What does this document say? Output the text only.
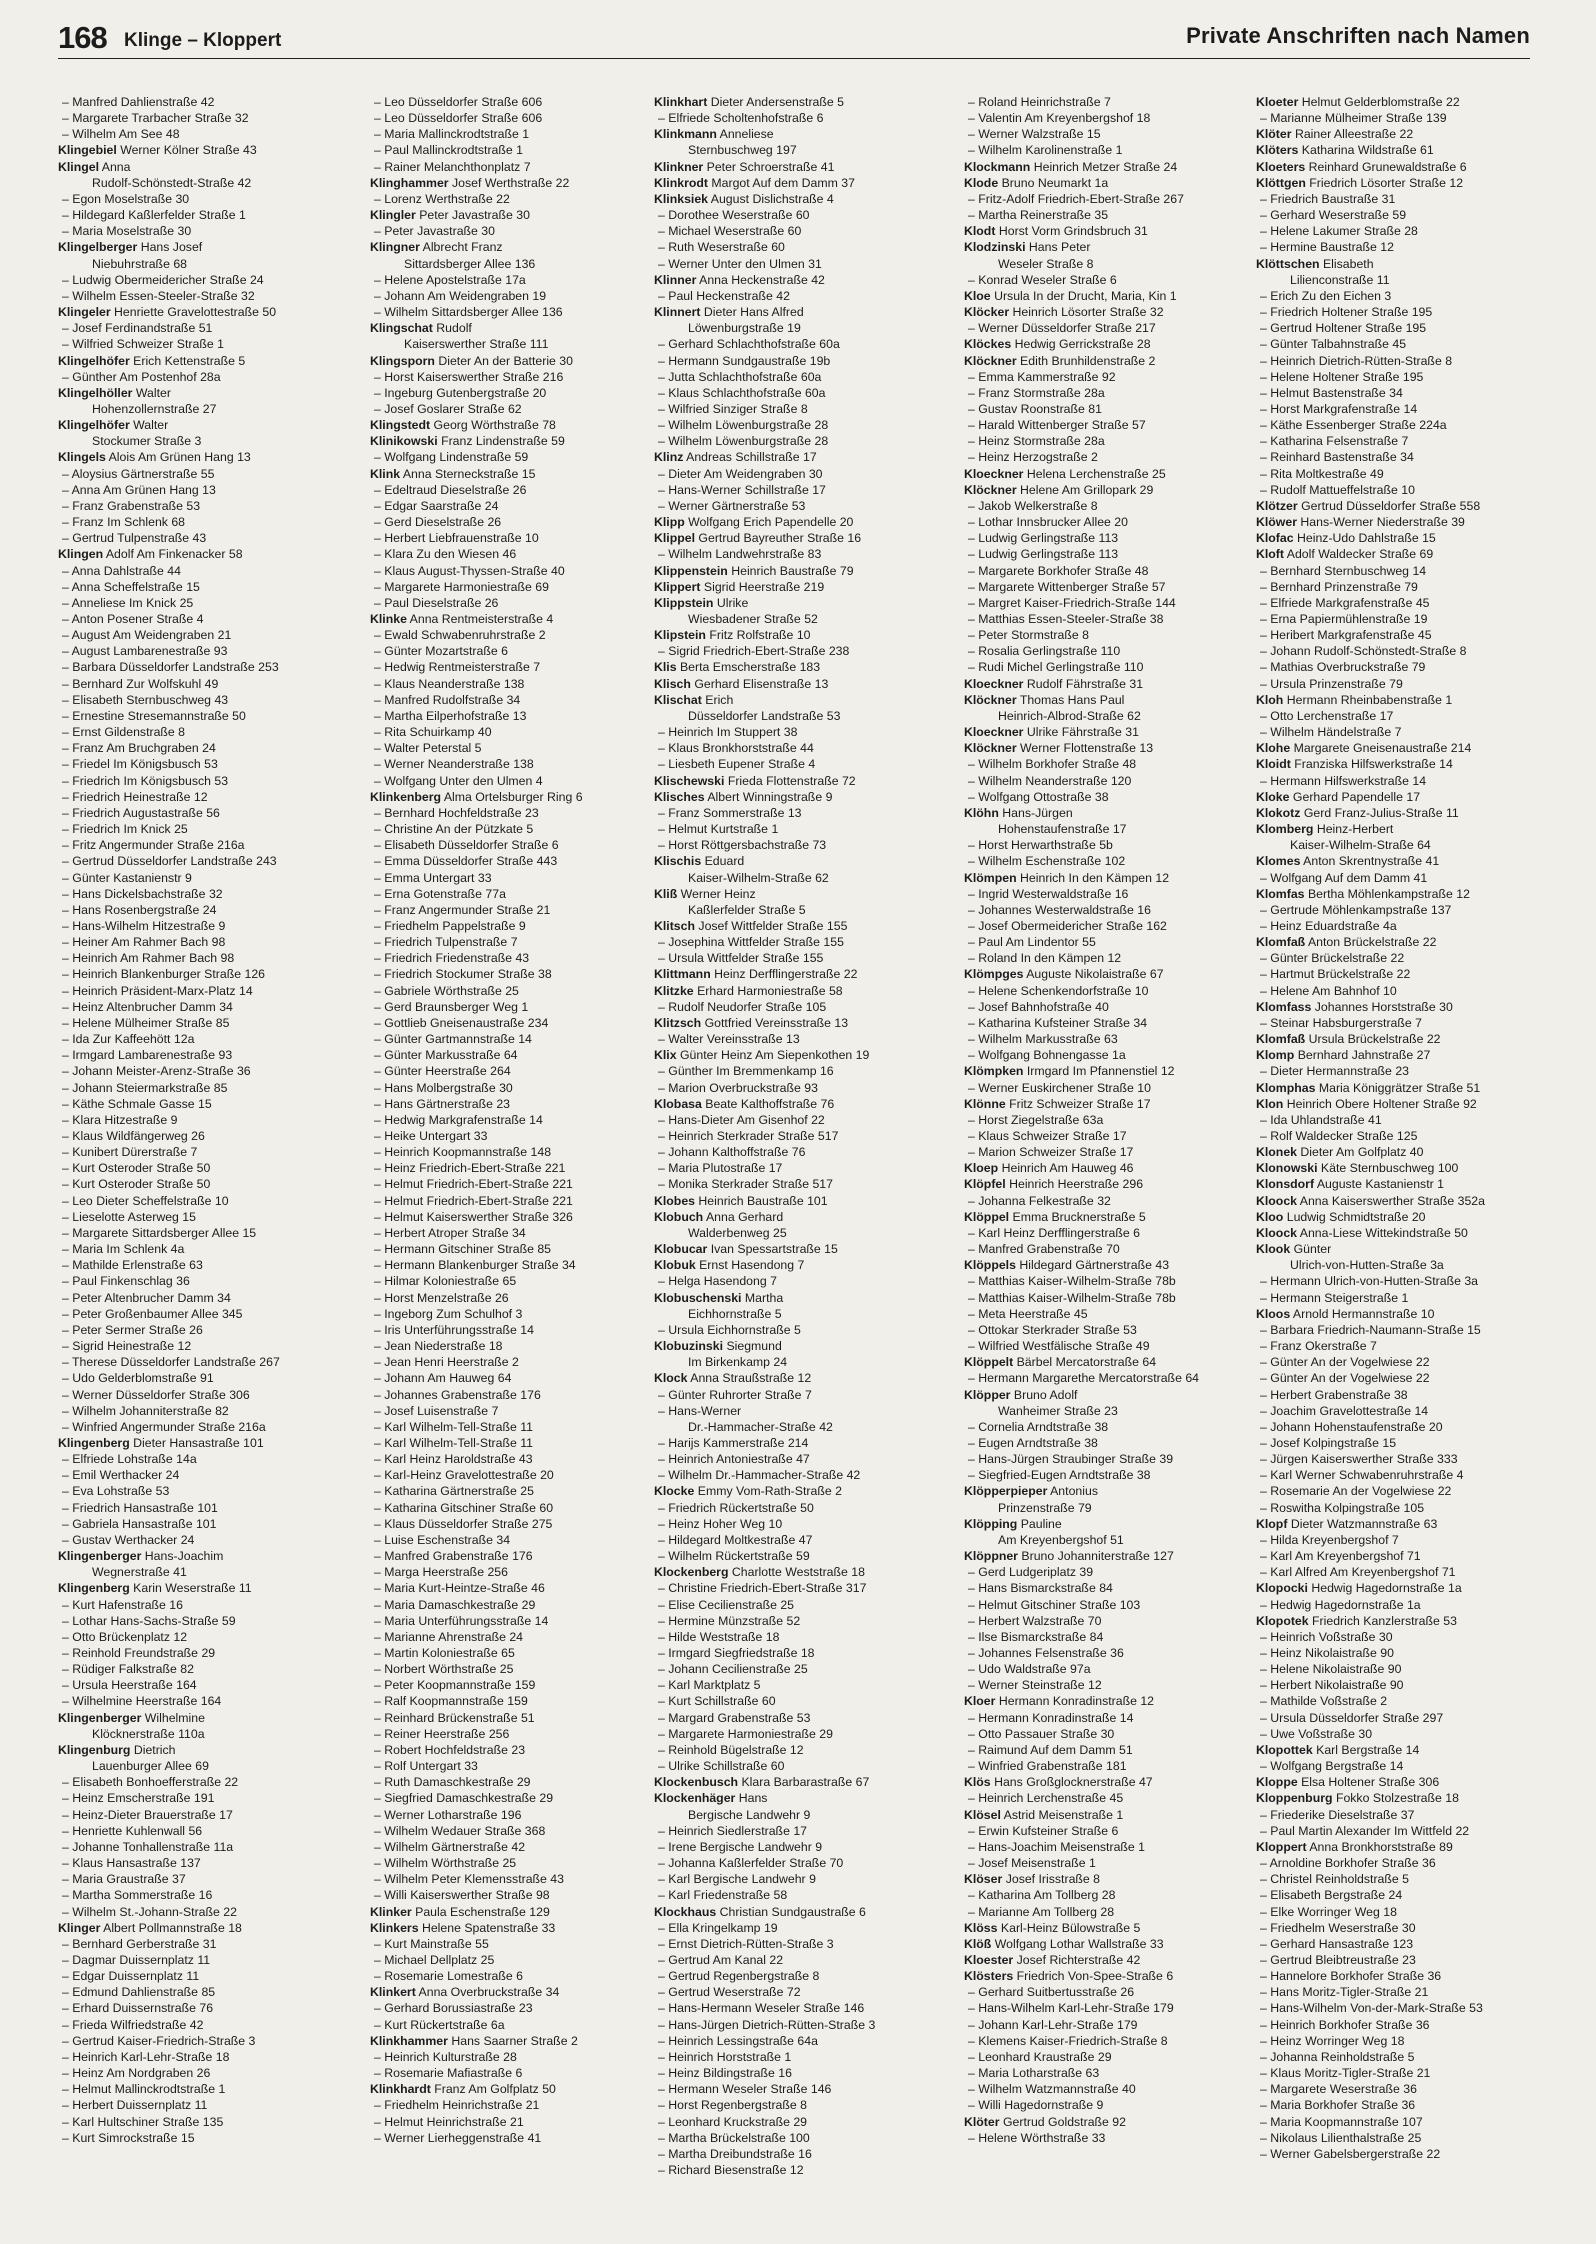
168 Klinge – Kloppert	Private Anschriften nach Namen
– Manfred Dahlienstraße 42
– Margarete Trarbacher Straße 32
– Wilhelm Am See 48
Klingebiel Werner Kölner Straße 43
Klingel Anna
Rudolf-Schönstedt-Straße 42
– Egon Moselstraße 30
– Hildegard Kaßlerfelder Straße 1
– Maria Moselstraße 30
Klingelberger Hans Josef
Niebuhrstraße 68
– Ludwig Obermeidericher Straße 24
– Wilhelm Essen-Steeler-Straße 32
Klingeler Henriette Gravelottestraße 50
– Josef Ferdinandstraße 51
– Wilfried Schweizer Straße 1
Klingelhöfer Erich Kettenstraße 5
– Günther Am Postenhof 28a
Klingelhöller Walter
Hohenzollernstraße 27
Klingelhöfer Walter
Stockumer Straße 3
Klingels Alois Am Grünen Hang 13
– Aloysius Gärtnerstraße 55
– Anna Am Grünen Hang 13
– Franz Grabenstraße 53
– Franz Im Schlenk 68
– Gertrud Tulpenstraße 43
Klingen Adolf Am Finkenacker 58
– Anna Dahlstraße 44
– Anna Scheffelstraße 15
– Anneliese Im Knick 25
– Anton Posener Straße 4
– August Am Weidengraben 21
– August Lambarenestraße 93
– Barbara Düsseldorfer Landstraße 253
– Bernhard Zur Wolfskuhl 49
– Elisabeth Sternbuschweg 43
– Ernestine Stresemannstraße 50
– Ernst Gildenstraße 8
– Franz Am Bruchgraben 24
– Friedel Im Königsbusch 53
– Friedrich Im Königsbusch 53
– Friedrich Heinestraße 12
– Friedrich Augustastraße 56
– Friedrich Im Knick 25
– Fritz Angermunder Straße 216a
– Gertrud Düsseldorfer Landstraße 243
– Günter Kastanienstr 9
– Hans Dickelsbachstraße 32
– Hans Rosenbergstraße 24
– Hans-Wilhelm Hitzestraße 9
– Heiner Am Rahmer Bach 98
– Heinrich Am Rahmer Bach 98
– Heinrich Blankenburger Straße 126
– Heinrich Präsident-Marx-Platz 14
– Heinz Altenbrucher Damm 34
– Helene Mülheimer Straße 85
– Ida Zur Kaffeehött 12a
– Irmgard Lambarenestraße 93
– Johann Meister-Arenz-Straße 36
– Johann Steiermarkstraße 85
– Käthe Schmale Gasse 15
– Klara Hitzestraße 9
– Klaus Wildfängerweg 26
– Kunibert Dürerstraße 7
– Kurt Osteroder Straße 50
– Kurt Osteroder Straße 50
– Leo Dieter Scheffelstraße 10
– Lieselotte Asterweg 15
– Margarete Sittardsberger Allee 15
– Maria Im Schlenk 4a
– Mathilde Erlenstraße 63
– Paul Finkenschlag 36
– Peter Altenbrucher Damm 34
– Peter Großenbaumer Allee 345
– Peter Sermer Straße 26
– Sigrid Heinestraße 12
– Therese Düsseldorfer Landstraße 267
– Udo Gelderblomstraße 91
– Werner Düsseldorfer Straße 306
– Wilhelm Johanniterstraße 82
– Winfried Angermunder Straße 216a
Klingenberg Dieter Hansastraße 101
– Elfriede Lohstraße 14a
– Emil Werthacker 24
– Eva Lohstraße 53
– Friedrich Hansastraße 101
– Gabriela Hansastraße 101
– Gustav Werthacker 24
Klingenberger Hans-Joachim
Wegnerstraße 41
Klingenberg Karin Weserstraße 11
– Kurt Hafenstraße 16
– Lothar Hans-Sachs-Straße 59
– Otto Brückenplatz 12
– Reinhold Freundstraße 29
– Rüdiger Falkstraße 82
– Ursula Heerstraße 164
– Wilhelmine Heerstraße 164
Klingenberger Wilhelmine
Klöcknerstraße 110a
Klingenburg Dietrich
Lauenburger Allee 69
– Elisabeth Bonhoefferstraße 22
– Heinz Emscherstraße 191
– Heinz-Dieter Brauerstraße 17
– Henriette Kuhlenwall 56
– Johanne Tonhallenstraße 11a
– Klaus Hansastraße 137
– Maria Graustraße 37
– Martha Sommerstraße 16
– Wilhelm St.-Johann-Straße 22
Klinger Albert Pollmannstraße 18
– Bernhard Gerberstraße 31
– Dagmar Duissernplatz 11
– Edgar Duissernplatz 11
– Edmund Dahlienstraße 85
– Erhard Duissernstraße 76
– Frieda Wilfriedstraße 42
– Gertrud Kaiser-Friedrich-Straße 3
– Heinrich Karl-Lehr-Straße 18
– Heinz Am Nordgraben 26
– Helmut Mallinckrodtstraße 1
– Herbert Duissernplatz 11
– Karl Hultschiner Straße 135
– Kurt Simrockstraße 15
– Leo Düsseldorfer Straße 606
– Leo Düsseldorfer Straße 606
– Maria Mallinckrodtstraße 1
– Paul Mallinckrodtstraße 1
– Rainer Melanchthonplatz 7
Klinghammer Josef Werthstraße 22
– Lorenz Werthstraße 22
Klingler Peter Javastraße 30
– Peter Javastraße 30
Klingner Albrecht Franz
Sittardsberger Allee 136
– Helene Apostelstraße 17a
– Johann Am Weidengraben 19
– Wilhelm Sittardsberger Allee 136
Klingschat Rudolf
Kaiserswerther Straße 111
Klingsporn Dieter An der Batterie 30
– Horst Kaiserswerther Straße 216
– Ingeburg Gutenbergstraße 20
– Josef Goslarer Straße 62
Klingstedt Georg Wörthstraße 78
Klinikowski Franz Lindenstraße 59
– Wolfgang Lindenstraße 59
Klink Anna Sterneckstraße 15
– Edeltraud Dieselstraße 26
– Edgar Saarstraße 24
– Gerd Dieselstraße 26
– Herbert Liebfrauenstraße 10
– Klara Zu den Wiesen 46
– Klaus August-Thyssen-Straße 40
– Margarete Harmoniestraße 69
– Paul Dieselstraße 26
Klinke Anna Rentmeisterstraße 4
– Ewald Schwabenruhrstraße 2
– Günter Mozartstraße 6
– Hedwig Rentmeisterstraße 7
– Klaus Neanderstraße 138
– Manfred Rudolfstraße 34
– Martha Eilperhofstraße 13
– Rita Schuirkamp 40
– Walter Peterstal 5
– Werner Neanderstraße 138
– Wolfgang Unter den Ulmen 4
Klinkenberg Alma Ortelsburger Ring 6
– Bernhard Hochfeldstraße 23
– Christine An der Pützkate 5
– Elisabeth Düsseldorfer Straße 6
– Emma Düsseldorfer Straße 443
– Emma Untergart 33
– Erna Gotenstraße 77a
– Franz Angermunder Straße 21
– Friedhelm Pappelstraße 9
– Friedrich Tulpenstraße 7
– Friedrich Friedenstraße 43
– Friedrich Stockumer Straße 38
– Gabriele Wörthstraße 25
– Gerd Braunsberger Weg 1
– Gottlieb Gneisenaustraße 234
– Günter Gartmannstraße 14
– Günter Markusstraße 64
– Günter Heerstraße 264
– Hans Molbergstraße 30
– Hans Gärtnerstraße 23
– Hedwig Markgrafenstraße 14
– Heike Untergart 33
– Heinrich Koopmannstraße 148
– Heinz Friedrich-Ebert-Straße 221
– Helmut Friedrich-Ebert-Straße 221
– Helmut Friedrich-Ebert-Straße 221
– Helmut Kaiserswerther Straße 326
– Herbert Atroper Straße 34
– Hermann Gitschiner Straße 85
– Hermann Blankenburger Straße 34
– Hilmar Koloniestraße 65
– Horst Menzelstraße 26
– Ingeborg Zum Schulhof 3
– Iris Unterführungsstraße 14
– Jean Niederstraße 18
– Jean Henri Heerstraße 2
– Johann Am Hauweg 64
– Johannes Grabenstraße 176
– Josef Luisenstraße 7
– Karl Wilhelm-Tell-Straße 11
– Karl Wilhelm-Tell-Straße 11
– Karl Heinz Haroldstraße 43
– Karl-Heinz Gravelottestraße 20
– Katharina Gärtnerstraße 25
– Katharina Gitschiner Straße 60
– Klaus Düsseldorfer Straße 275
– Luise Eschenstraße 34
– Manfred Grabenstraße 176
– Marga Heerstraße 256
– Maria Kurt-Heintze-Straße 46
– Maria Damaschkestraße 29
– Maria Unterführungsstraße 14
– Marianne Ahrenstraße 24
– Martin Koloniestraße 65
– Norbert Wörthstraße 25
– Peter Koopmannstraße 159
– Ralf Koopmannstraße 159
– Reinhard Brückenstraße 51
– Reiner Heerstraße 256
– Robert Hochfeldstraße 23
– Rolf Untergart 33
– Ruth Damaschkestraße 29
– Siegfried Damaschkestraße 29
– Werner Lotharstraße 196
– Wilhelm Wedauer Straße 368
– Wilhelm Gärtnerstraße 42
– Wilhelm Wörthstraße 25
– Wilhelm Peter Klemensstraße 43
– Willi Kaiserswerther Straße 98
Klinker Paula Eschenstraße 129
Klinkers Helene Spatenstraße 33
– Kurt Mainstraße 55
– Michael Dellplatz 25
– Rosemarie Lomestraße 6
Klinkert Anna Overbruckstraße 34
– Gerhard Borussiastraße 23
– Kurt Rückertstraße 6a
Klinkhammer Hans Saarner Straße 2
– Heinrich Kulturstraße 28
– Rosemarie Mafiastraße 6
Klinkhardt Franz Am Golfplatz 50
– Friedhelm Heinrichstraße 21
– Helmut Heinrichstraße 21
– Werner Lierheggenstraße 41
Klinkhart Dieter Andersenstraße 5
– Elfriede Scholtenhofstraße 6
Klinkmann Anneliese
Sternbuschweg 197
Klinkner Peter Schroerstraße 41
Klinkrodt Margot Auf dem Damm 37
Klinksiek August Dislichstraße 4
– Dorothee Weserstraße 60
– Michael Weserstraße 60
– Ruth Weserstraße 60
– Werner Unter den Ulmen 31
Klinner Anna Heckenstraße 42
– Paul Heckenstraße 42
Klinnert Dieter Hans Alfred
Löwenburgstraße 19
– Gerhard Schlachthofstraße 60a
– Hermann Sundgaustraße 19b
– Jutta Schlachthofstraße 60a
– Klaus Schlachthofstraße 60a
– Wilfried Sinziger Straße 8
– Wilhelm Löwenburgstraße 28
– Wilhelm Löwenburgstraße 28
Klinz Andreas Schillstraße 17
– Dieter Am Weidengraben 30
– Hans-Werner Schillstraße 17
– Werner Gärtnerstraße 53
Klipp Wolfgang Erich Papendelle 20
Klippel Gertrud Bayreuther Straße 16
– Wilhelm Landwehrstraße 83
Klippenstein Heinrich Baustraße 79
Klippert Sigrid Heerstraße 219
Klippstein Ulrike
Wiesbadener Straße 52
Klipstein Fritz Rolfstraße 10
– Sigrid Friedrich-Ebert-Straße 238
Klis Berta Emscherstraße 183
Klisch Gerhard Elisenstraße 13
Klischat Erich
Düsseldorfer Landstraße 53
– Heinrich Im Stuppert 38
– Klaus Bronkhorststraße 44
– Liesbeth Eupener Straße 4
Klischewski Frieda Flottenstraße 72
Klisches Albert Winningstraße 9
– Franz Sommerstraße 13
– Helmut Kurtstraße 1
– Horst Röttgersbachstraße 73
Klischis Eduard
Kaiser-Wilhelm-Straße 62
Kliß Werner Heinz
Kaßlerfelder Straße 5
Klitsch Josef Wittfelder Straße 155
– Josephina Wittfelder Straße 155
– Ursula Wittfelder Straße 155
Klittmann Heinz Derfflingerstraße 22
Klitzke Erhard Harmoniestraße 58
– Rudolf Neudorfer Straße 105
Klitzsch Gottfried Vereinsstraße 13
– Walter Vereinsstraße 13
Klix Günter Heinz Am Siepenkothen 19
– Günther Im Bremmenkamp 16
– Marion Overbruckstraße 93
Klobasa Beate Kalthoffstraße 76
– Hans-Dieter Am Gisenhof 22
– Heinrich Sterkrader Straße 517
– Johann Kalthoffstraße 76
– Maria Plutostraße 17
– Monika Sterkrader Straße 517
Klobes Heinrich Baustraße 101
Klobuch Anna Gerhard
Walderbenweg 25
Klobucar Ivan Spessartstraße 15
Klobuk Ernst Hasendong 7
– Helga Hasendong 7
Klobuschenski Martha
Eichhornstraße 5
– Ursula Eichhornstraße 5
Klobuzinski Siegmund
Im Birkenkamp 24
Klock Anna Straußstraße 12
– Günter Ruhrorter Straße 7
– Hans-Werner
Dr.-Hammacher-Straße 42
– Harijs Kammerstraße 214
– Heinrich Antoniestraße 47
– Wilhelm Dr.-Hammacher-Straße 42
Klocke Emmy Vom-Rath-Straße 2
– Friedrich Rückertstraße 50
– Heinz Hoher Weg 10
– Hildegard Moltkestraße 47
– Wilhelm Rückertstraße 59
Klockenberg Charlotte Weststraße 18
– Christine Friedrich-Ebert-Straße 317
– Elise Cecilienstraße 25
– Hermine Münzstraße 52
– Hilde Weststraße 18
– Irmgard Siegfriedstraße 18
– Johann Cecilienstraße 25
– Karl Marktplatz 5
– Kurt Schillstraße 60
– Margard Grabenstraße 53
– Margarete Harmoniestraße 29
– Reinhold Bügelstraße 12
– Ulrike Schillstraße 60
Klockenbusch Klara Barbarastraße 67
Klockenhäger Hans
Bergische Landwehr 9
– Heinrich Siedlerstraße 17
– Irene Bergische Landwehr 9
– Johanna Kaßlerfelder Straße 70
– Karl Bergische Landwehr 9
– Karl Friedenstraße 58
Klockhaus Christian Sundgaustraße 6
– Ella Kringelkamp 19
– Ernst Dietrich-Rütten-Straße 3
– Gertrud Am Kanal 22
– Gertrud Regenbergstraße 8
– Gertrud Weserstraße 72
– Hans-Hermann Weseler Straße 146
– Hans-Jürgen Dietrich-Rütten-Straße 3
– Heinrich Lessingstraße 64a
– Heinrich Horststraße 1
– Heinz Bildingstraße 16
– Hermann Weseler Straße 146
– Horst Regenbergstraße 8
– Leonhard Kruckstraße 29
– Martha Brückelstraße 100
– Martha Dreibundstraße 16
– Richard Biesenstraße 12
– Roland Heinrichstraße 7
– Valentin Am Kreyenbergshof 18
– Werner Walzstraße 15
– Wilhelm Karolinenstraße 1
Klockmann Heinrich Metzer Straße 24
Klode Bruno Neumarkt 1a
– Fritz-Adolf Friedrich-Ebert-Straße 267
– Martha Reinerstraße 35
Klodt Horst Vorm Grindsbruch 31
Klodzinski Hans Peter
Weseler Straße 8
– Konrad Weseler Straße 6
Kloe Ursula In der Drucht, Maria, Kin 1
Klöcker Heinrich Lösorter Straße 32
– Werner Düsseldorfer Straße 217
Klöckes Hedwig Gerrickstraße 28
Klöckner Edith Brunhildenstraße 2
– Emma Kammerstraße 92
– Franz Stormstraße 28a
– Gustav Roonstraße 81
– Harald Wittenberger Straße 57
– Heinz Stormstraße 28a
– Heinz Herzogstraße 2
Kloeckner Helena Lerchenstraße 25
Klöckner Helene Am Grillopark 29
– Jakob Welkerstraße 8
– Lothar Innsbrucker Allee 20
– Ludwig Gerlingstraße 113
– Ludwig Gerlingstraße 113
– Margarete Borkhofer Straße 48
– Margarete Wittenberger Straße 57
– Margret Kaiser-Friedrich-Straße 144
– Matthias Essen-Steeler-Straße 38
– Peter Stormstraße 8
– Rosalia Gerlingstraße 110
– Rudi Michel Gerlingstraße 110
Kloeckner Rudolf Fährstraße 31
Klöckner Thomas Hans Paul
Heinrich-Albrod-Straße 62
Kloeckner Ulrike Fährstraße 31
Klöckner Werner Flottenstraße 13
– Wilhelm Borkhofer Straße 48
– Wilhelm Neanderstraße 120
– Wolfgang Ottostraße 38
Klöhn Hans-Jürgen
Hohenstaufenstraße 17
– Horst Herwarthstraße 5b
– Wilhelm Eschenstraße 102
Klömpen Heinrich In den Kämpen 12
– Ingrid Westerwaldstraße 16
– Johannes Westerwaldstraße 16
– Josef Obermeidericher Straße 162
– Paul Am Lindentor 55
– Roland In den Kämpen 12
Klömpges Auguste Nikolaistraße 67
– Helene Schenkendorfstraße 10
– Josef Bahnhofstraße 40
– Katharina Kufsteiner Straße 34
– Wilhelm Markusstraße 63
– Wolfgang Bohnengasse 1a
Klömpken Irmgard Im Pfannenstiel 12
– Werner Euskirchener Straße 10
Klönne Fritz Schweizer Straße 17
– Horst Ziegelstraße 63a
– Klaus Schweizer Straße 17
– Marion Schweizer Straße 17
Kloep Heinrich Am Hauweg 46
Klöpfel Heinrich Heerstraße 296
– Johanna Felkestraße 32
Klöppel Emma Brucknerstraße 5
– Karl Heinz Derfflingerstraße 6
– Manfred Grabenstraße 70
Klöppels Hildegard Gärtnerstraße 43
– Matthias Kaiser-Wilhelm-Straße 78b
– Matthias Kaiser-Wilhelm-Straße 78b
– Meta Heerstraße 45
– Ottokar Sterkrader Straße 53
– Wilfried Westfälische Straße 49
Klöppelt Bärbel Mercatorstraße 64
– Hermann Margarethe Mercatorstraße 64
Klöpper Bruno Adolf
Wanheimer Straße 23
– Cornelia Arndtstraße 38
– Eugen Arndtstraße 38
– Hans-Jürgen Straubinger Straße 39
– Siegfried-Eugen Arndtstraße 38
Klöpperpieper Antonius
Prinzenstraße 79
Klöpping Pauline
Am Kreyenbergshof 51
Klöppner Bruno Johanniterstraße 127
– Gerd Ludgeriplatz 39
– Hans Bismarckstraße 84
– Helmut Gitschiner Straße 103
– Herbert Walzstraße 70
– Ilse Bismarckstraße 84
– Johannes Felsenstraße 36
– Udo Waldstraße 97a
– Werner Steinstraße 12
Kloer Hermann Konradinstraße 12
– Hermann Konradinstraße 14
– Otto Passauer Straße 30
– Raimund Auf dem Damm 51
– Winfried Grabenstraße 181
Klös Hans Großglocknerstraße 47
– Heinrich Lerchenstraße 45
Klösel Astrid Meisenstraße 1
– Erwin Kufsteiner Straße 6
– Hans-Joachim Meisenstraße 1
– Josef Meisenstraße 1
Klöser Josef Irisstraße 8
– Katharina Am Tollberg 28
– Marianne Am Tollberg 28
Klöss Karl-Heinz Bülowstraße 5
Klöß Wolfgang Lothar Wallstraße 33
Kloester Josef Richterstraße 42
Klösters Friedrich Von-Spee-Straße 6
– Gerhard Suitbertusstraße 26
– Hans-Wilhelm Karl-Lehr-Straße 179
– Johann Karl-Lehr-Straße 179
– Klemens Kaiser-Friedrich-Straße 8
– Leonhard Kraustraße 29
– Maria Lotharstraße 63
– Wilhelm Watzmannstraße 40
– Willi Hagedornstraße 9
Klöter Gertrud Goldstraße 92
– Helene Wörthstraße 33
Kloeter Helmut Gelderblomstraße 22
– Marianne Mülheimer Straße 139
Klöter Rainer Alleestraße 22
Klöters Katharina Wildstraße 61
Kloeters Reinhard Grunewaldstraße 6
Klöttgen Friedrich Lösorter Straße 12
– Friedrich Baustraße 31
– Gerhard Weserstraße 59
– Helene Lakumer Straße 28
– Hermine Baustraße 12
Klöttschen Elisabeth
Lilienconstraße 11
– Erich Zu den Eichen 3
– Friedrich Holtener Straße 195
– Gertrud Holtener Straße 195
– Günter Talbahnstraße 45
– Heinrich Dietrich-Rütten-Straße 8
– Helene Holtener Straße 195
– Helmut Bastenstraße 34
– Horst Markgrafenstraße 14
– Käthe Essenberger Straße 224a
– Katharina Felsenstraße 7
– Reinhard Bastenstraße 34
– Rita Moltkestraße 49
– Rudolf Mattueffelstraße 10
Klötzer Gertrud Düsseldorfer Straße 558
Klöwer Hans-Werner Niederstraße 39
Klofac Heinz-Udo Dahlstraße 15
Kloft Adolf Waldecker Straße 69
– Bernhard Sternbuschweg 14
– Bernhard Prinzenstraße 79
– Elfriede Markgrafenstraße 45
– Erna Papiermühlenstraße 19
– Heribert Markgrafenstraße 45
– Johann Rudolf-Schönstedt-Straße 8
– Mathias Overbruckstraße 79
– Ursula Prinzenstraße 79
Kloh Hermann Rheinbabenstraße 1
– Otto Lerchenstraße 17
– Wilhelm Händelstraße 7
Klohe Margarete Gneisenaustraße 214
Kloidt Franziska Hilfswerkstraße 14
– Hermann Hilfswerkstraße 14
Kloke Gerhard Papendelle 17
Klokotz Gerd Franz-Julius-Straße 11
Klomberg Heinz-Herbert
Kaiser-Wilhelm-Straße 64
Klomes Anton Skrentnystraße 41
– Wolfgang Auf dem Damm 41
Klomfas Bertha Möhlenkampstraße 12
– Gertrude Möhlenkampstraße 137
– Heinz Eduardstraße 4a
Klomfaß Anton Brückelstraße 22
– Günter Brückelstraße 22
– Hartmut Brückelstraße 22
– Helene Am Bahnhof 10
Klomfass Johannes Horststraße 30
– Steinar Habsburgerstraße 7
Klomfaß Ursula Brückelstraße 22
Klomp Bernhard Jahnstraße 27
– Dieter Hermannstraße 23
Klomphas Maria Königgrätzer Straße 51
Klon Heinrich Obere Holtener Straße 92
– Ida Uhlandstraße 41
– Rolf Waldecker Straße 125
Klonek Dieter Am Golfplatz 40
Klonowski Käte Sternbuschweg 100
Klonsdorf Auguste Kastanienstr 1
Kloock Anna Kaiserswerther Straße 352a
Kloo Ludwig Schmidtstraße 20
Kloock Anna-Liese Wittekindstraße 50
Klook Günter
Ulrich-von-Hutten-Straße 3a
– Hermann Ulrich-von-Hutten-Straße 3a
– Hermann Steigerstraße 1
Kloos Arnold Hermannstraße 10
– Barbara Friedrich-Naumann-Straße 15
– Franz Okerstraße 7
– Günter An der Vogelwiese 22
– Günter An der Vogelwiese 22
– Herbert Grabenstraße 38
– Joachim Gravelottestraße 14
– Johann Hohenstaufenstraße 20
– Josef Kolpingstraße 15
– Jürgen Kaiserswerther Straße 333
– Karl Werner Schwabenruhrstraße 4
– Rosemarie An der Vogelwiese 22
– Roswitha Kolpingstraße 105
Klopf Dieter Watzmannstraße 63
– Hilda Kreyenbergshof 7
– Karl Am Kreyenbergshof 71
– Karl Alfred Am Kreyenbergshof 71
Klopocki Hedwig Hagedornstraße 1a
– Hedwig Hagedornstraße 1a
Klopotek Friedrich Kanzlerstraße 53
– Heinrich Voßstraße 30
– Heinz Nikolaistraße 90
– Helene Nikolaistraße 90
– Herbert Nikolaistraße 90
– Mathilde Voßstraße 2
– Ursula Düsseldorfer Straße 297
– Uwe Voßstraße 30
Klopottek Karl Bergstraße 14
– Wolfgang Bergstraße 14
Kloppe Elsa Holtener Straße 306
Kloppenburg Fokko Stolzestraße 18
– Friederike Dieselstraße 37
– Paul Martin Alexander Im Wittfeld 22
Kloppert Anna Bronkhorststraße 89
– Arnoldine Borkhofer Straße 36
– Christel Reinholdstraße 5
– Elisabeth Bergstraße 24
– Elke Worringer Weg 18
– Friedhelm Weserstraße 30
– Gerhard Hansastraße 123
– Gertrud Bleibtreustraße 23
– Hannelore Borkhofer Straße 36
– Hans Moritz-Tigler-Straße 21
– Hans-Wilhelm Von-der-Mark-Straße 53
– Heinrich Borkhofer Straße 36
– Heinz Worringer Weg 18
– Johanna Reinholdstraße 5
– Klaus Moritz-Tigler-Straße 21
– Margarete Weserstraße 36
– Maria Borkhofer Straße 36
– Maria Koopmannstraße 107
– Nikolaus Lilienthalstraße 25
– Werner Gabelsbergerstraße 22
